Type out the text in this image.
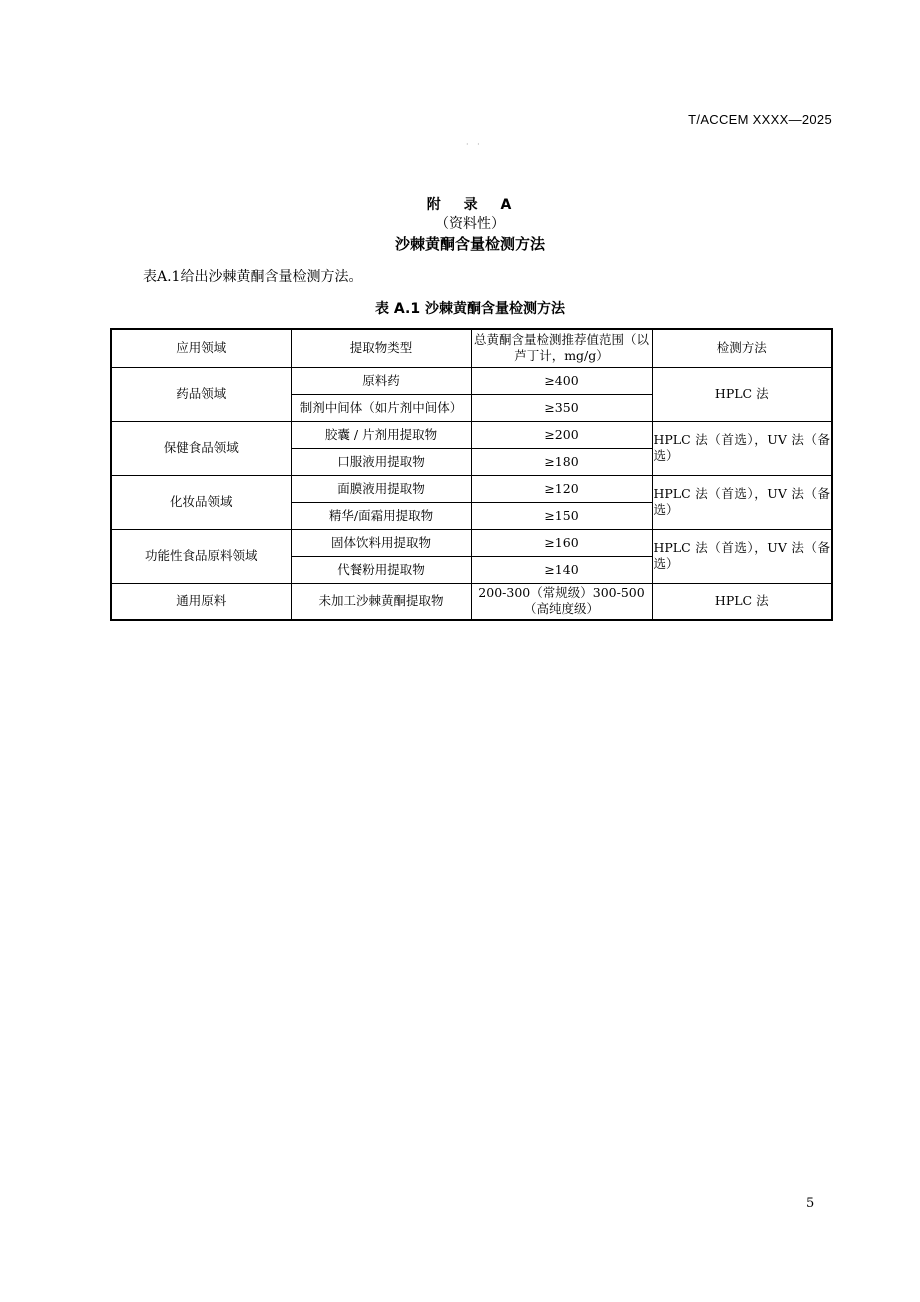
T/ACCEM XXXX—2025
· ·
附 录 A
（资料性）
沙棘黄酮含量检测方法
表A.1给出沙棘黄酮含量检测方法。
表 A.1 沙棘黄酮含量检测方法
应用领域	提取物类型	总黄酮含量检测推荐值范围（以芦丁计，mg/g）	检测方法
药品领域	原料药	≥400	HPLC 法
	制剂中间体（如片剂中间体）	≥350	
保健食品领域	胶囊 / 片剂用提取物	≥200	HPLC 法（首选），UV 法（备选）
	口服液用提取物	≥180	
化妆品领域	面膜液用提取物	≥120	HPLC 法（首选），UV 法（备选）
	精华/面霜用提取物	≥150	
功能性食品原料领域	固体饮料用提取物	≥160	HPLC 法（首选），UV 法（备选）
	代餐粉用提取物	≥140	
通用原料	未加工沙棘黄酮提取物	200-300（常规级）300-500（高纯度级）	HPLC 法
5
